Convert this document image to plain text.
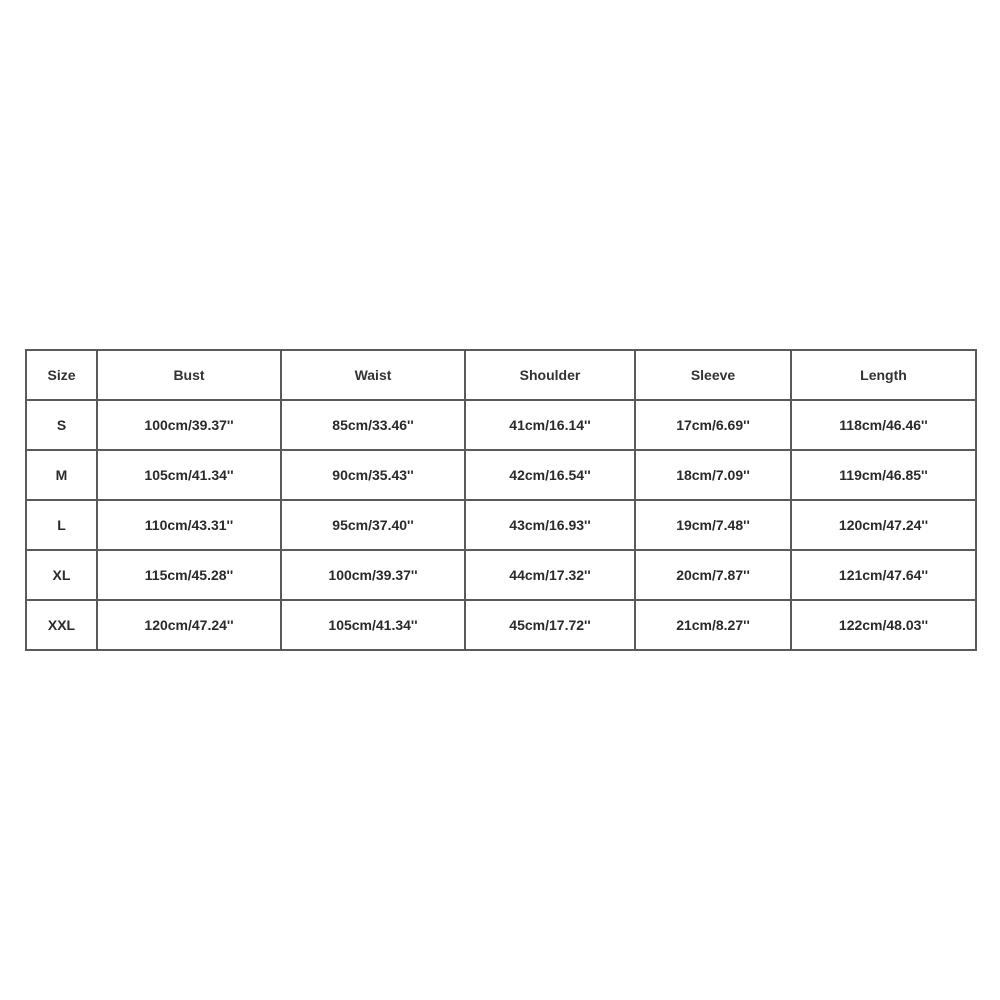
Size	Bust	Waist	Shoulder	Sleeve	Length
S	100cm/39.37''	85cm/33.46''	41cm/16.14''	17cm/6.69''	118cm/46.46''
M	105cm/41.34''	90cm/35.43''	42cm/16.54''	18cm/7.09''	119cm/46.85''
L	110cm/43.31''	95cm/37.40''	43cm/16.93''	19cm/7.48''	120cm/47.24''
XL	115cm/45.28''	100cm/39.37''	44cm/17.32''	20cm/7.87''	121cm/47.64''
XXL	120cm/47.24''	105cm/41.34''	45cm/17.72''	21cm/8.27''	122cm/48.03''
